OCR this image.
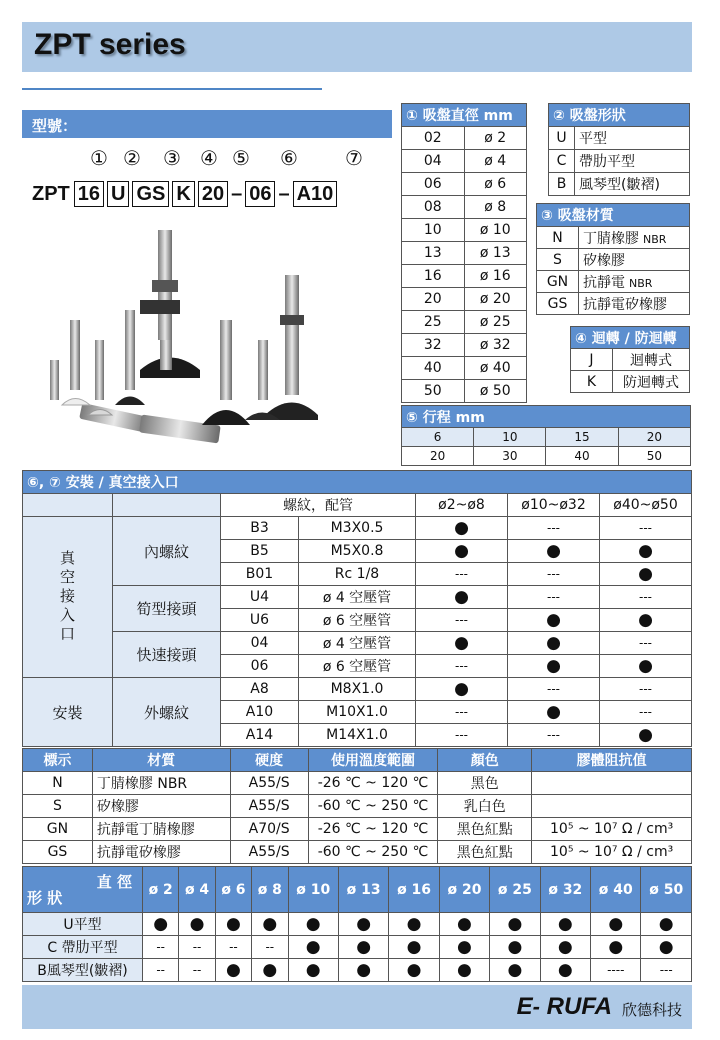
ZPT series
型號：
① ② ③ ④ ⑤ ⑥ ⑦
ZPT 16 U GS K 20 – 06 – A10
① 吸盤直徑 mm	
02	ø 2
04	ø 4
06	ø 6
08	ø 8
10	ø 10
13	ø 13
16	ø 16
20	ø 20
25	ø 25
32	ø 32
40	ø 40
50	ø 50
② 吸盤形狀	
U	平型
C	帶肋平型
B	風琴型(皺褶)
③ 吸盤材質	
N	丁腈橡膠 NBR
S	矽橡膠
GN	抗靜電 NBR
GS	抗靜電矽橡膠
④ 迴轉 / 防迴轉	
J	迴轉式
K	防迴轉式
⑤ 行程 mm			
6	10	15	20
20	30	40	50
⑥, ⑦ 安裝 / 真空接入口						
		螺紋，配管		ø2~ø8	ø10~ø32	ø40~ø50
真空接入口	內螺紋	B3	M3X0.5	●	---	---
		B5	M5X0.8	●	●	●
		B01	Rc 1/8	---	---	●
	筍型接頭	U4	ø 4 空壓管	●	---	---
		U6	ø 6 空壓管	---	●	●
	快速接頭	04	ø 4 空壓管	●	●	---
		06	ø 6 空壓管	---	●	●
安裝	外螺紋	A8	M8X1.0	●	---	---
		A10	M10X1.0	---	●	---
		A14	M14X1.0	---	---	●
標示	材質	硬度	使用溫度範圍	顏色	膠體阻抗值
N	丁腈橡膠 NBR	A55/S	-26 ℃ ~ 120 ℃	黑色	
S	矽橡膠	A55/S	-60 ℃ ~ 250 ℃	乳白色	
GN	抗靜電丁腈橡膠	A70/S	-26 ℃ ~ 120 ℃	黑色紅點	10⁵ ~ 10⁷ Ω / cm³
GS	抗靜電矽橡膠	A55/S	-60 ℃ ~ 250 ℃	黑色紅點	10⁵ ~ 10⁷ Ω / cm³
直 徑
形 狀	ø 2	ø 4	ø 6	ø 8	ø 10	ø 13	ø 16	ø 20	ø 25	ø 32	ø 40	ø 50
U平型	●	●	●	●	●	●	●	●	●	●	●	●
C 帶肋平型	--	--	--	--	●	●	●	●	●	●	●	●
B風琴型(皺褶)	--	--	●	●	●	●	●	●	●	●	----	---
E- RUFA 欣德科技
